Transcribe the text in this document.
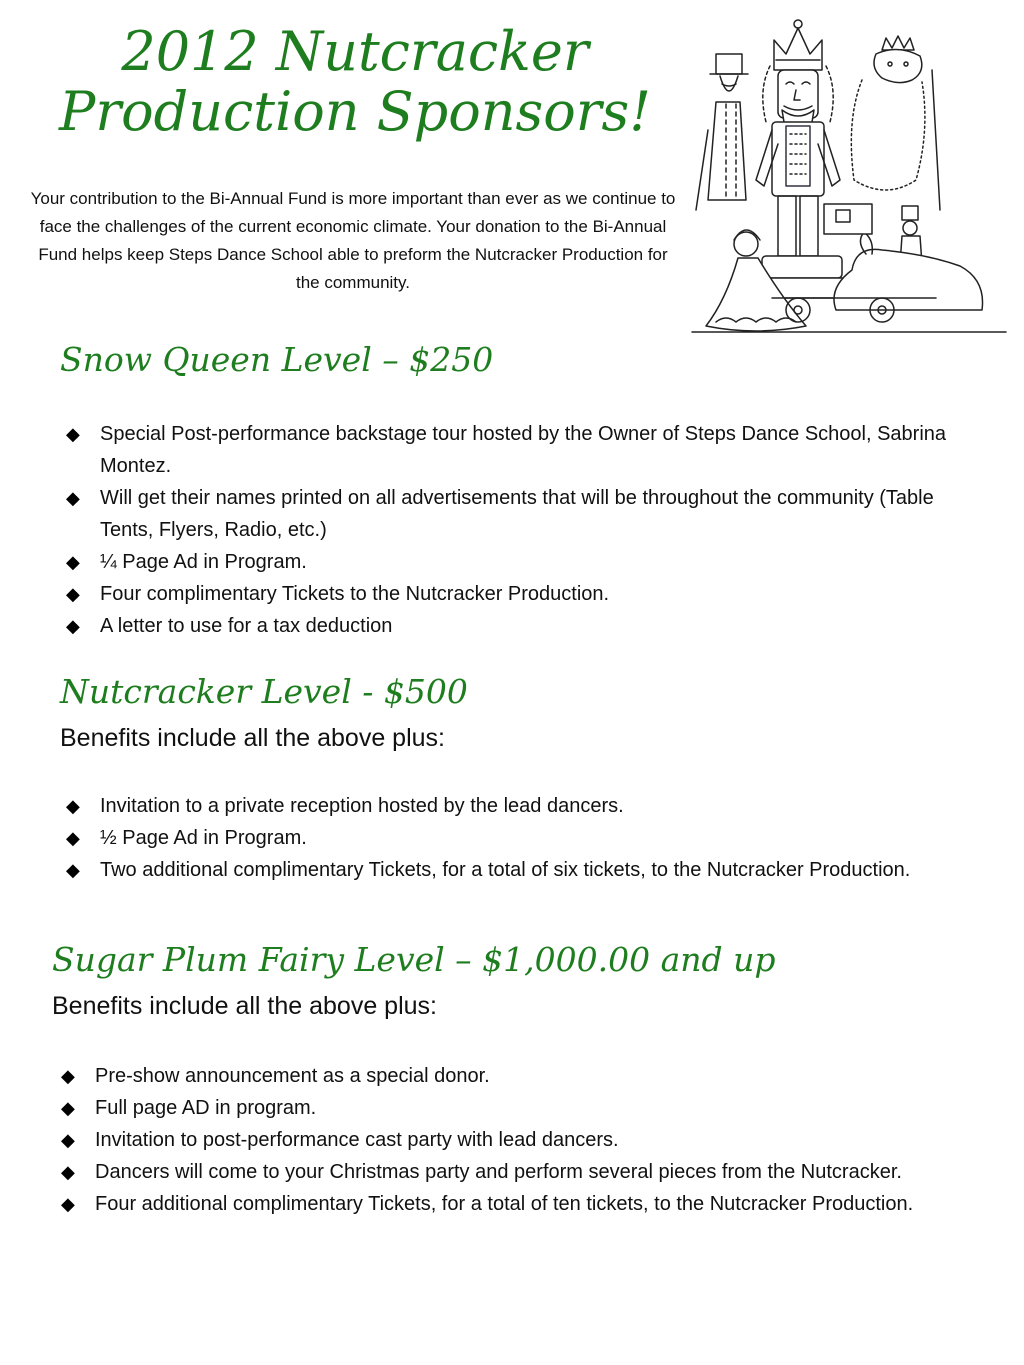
2012 Nutcracker
Production Sponsors!

Your contribution to the Bi-Annual Fund is more important than ever as we continue to face the challenges of the current economic climate. Your donation to the Bi-Annual Fund helps keep Steps Dance School able to preform the Nutcracker Production for the community.

Snow Queen Level – $250
◆ Special Post-performance backstage tour hosted by the Owner of Steps Dance School, Sabrina Montez.
◆ Will get their names printed on all advertisements that will be throughout the community (Table Tents, Flyers, Radio, etc.)
◆ ¼ Page Ad in Program.
◆ Four complimentary Tickets to the Nutcracker Production.
◆ A letter to use for a tax deduction
Nutcracker Level - $500

Benefits include all the above plus:

◆ Invitation to a private reception hosted by the lead dancers.
◆ ½ Page Ad in Program.
◆ Two additional complimentary Tickets, for a total of six tickets, to the Nutcracker Production.
Sugar Plum Fairy Level – $1,000.00 and up

Benefits include all the above plus:

◆ Pre-show announcement as a special donor.
◆ Full page AD in program.
◆ Invitation to post-performance cast party with lead dancers.
◆ Dancers will come to your Christmas party and perform several pieces from the Nutcracker.
◆ Four additional complimentary Tickets, for a total of ten tickets, to the Nutcracker Production.
